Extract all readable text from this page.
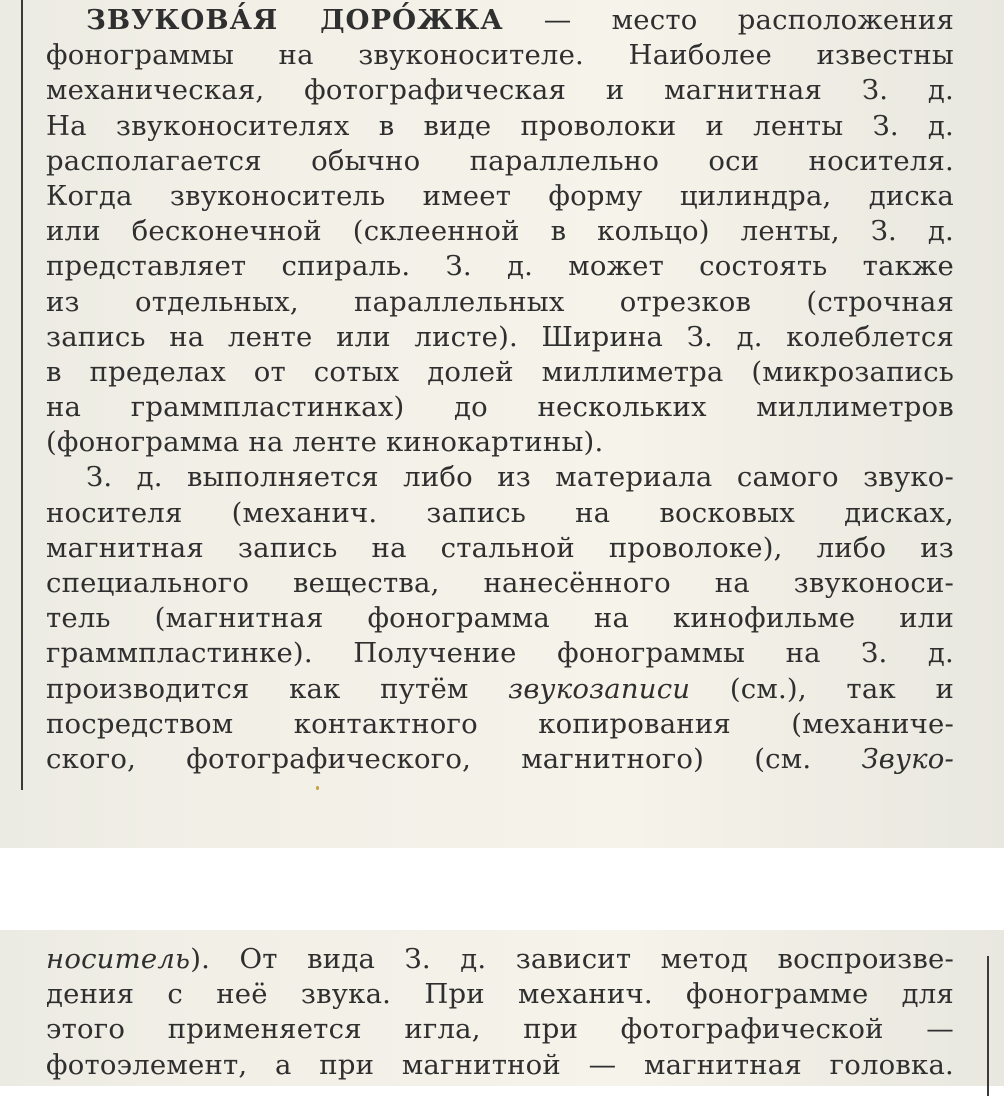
ЗВУКОВА́Я ДОРО́ЖКА — место расположения
фонограммы на звуконосителе. Наиболее известны
механическая, фотографическая и магнитная З. д.
На звуконосителях в виде проволоки и ленты З. д.
располагается обычно параллельно оси носителя.
Когда звуконоситель имеет форму цилиндра, диска
или бесконечной (склеенной в кольцо) ленты, З. д.
представляет спираль. З. д. может состоять также
из отдельных, параллельных отрезков (строчная
запись на ленте или листе). Ширина З. д. колеблется
в пределах от сотых долей миллиметра (микрозапись
на граммпластинках) до нескольких миллиметров
(фонограмма на ленте кинокартины).
З. д. выполняется либо из материала самого звуко-
носителя (механич. запись на восковых дисках,
магнитная запись на стальной проволоке), либо из
специального вещества, нанесённого на звуконоси-
тель (магнитная фонограмма на кинофильме или
граммпластинке). Получение фонограммы на З. д.
производится как путём звукозаписи (см.), так и
посредством контактного копирования (механиче-
ского, фотографического, магнитного) (см. Звуко-
носитель). От вида З. д. зависит метод воспроизве-
дения с неё звука. При механич. фонограмме для
этого применяется игла, при фотографической —
фотоэлемент, а при магнитной — магнитная головка.
